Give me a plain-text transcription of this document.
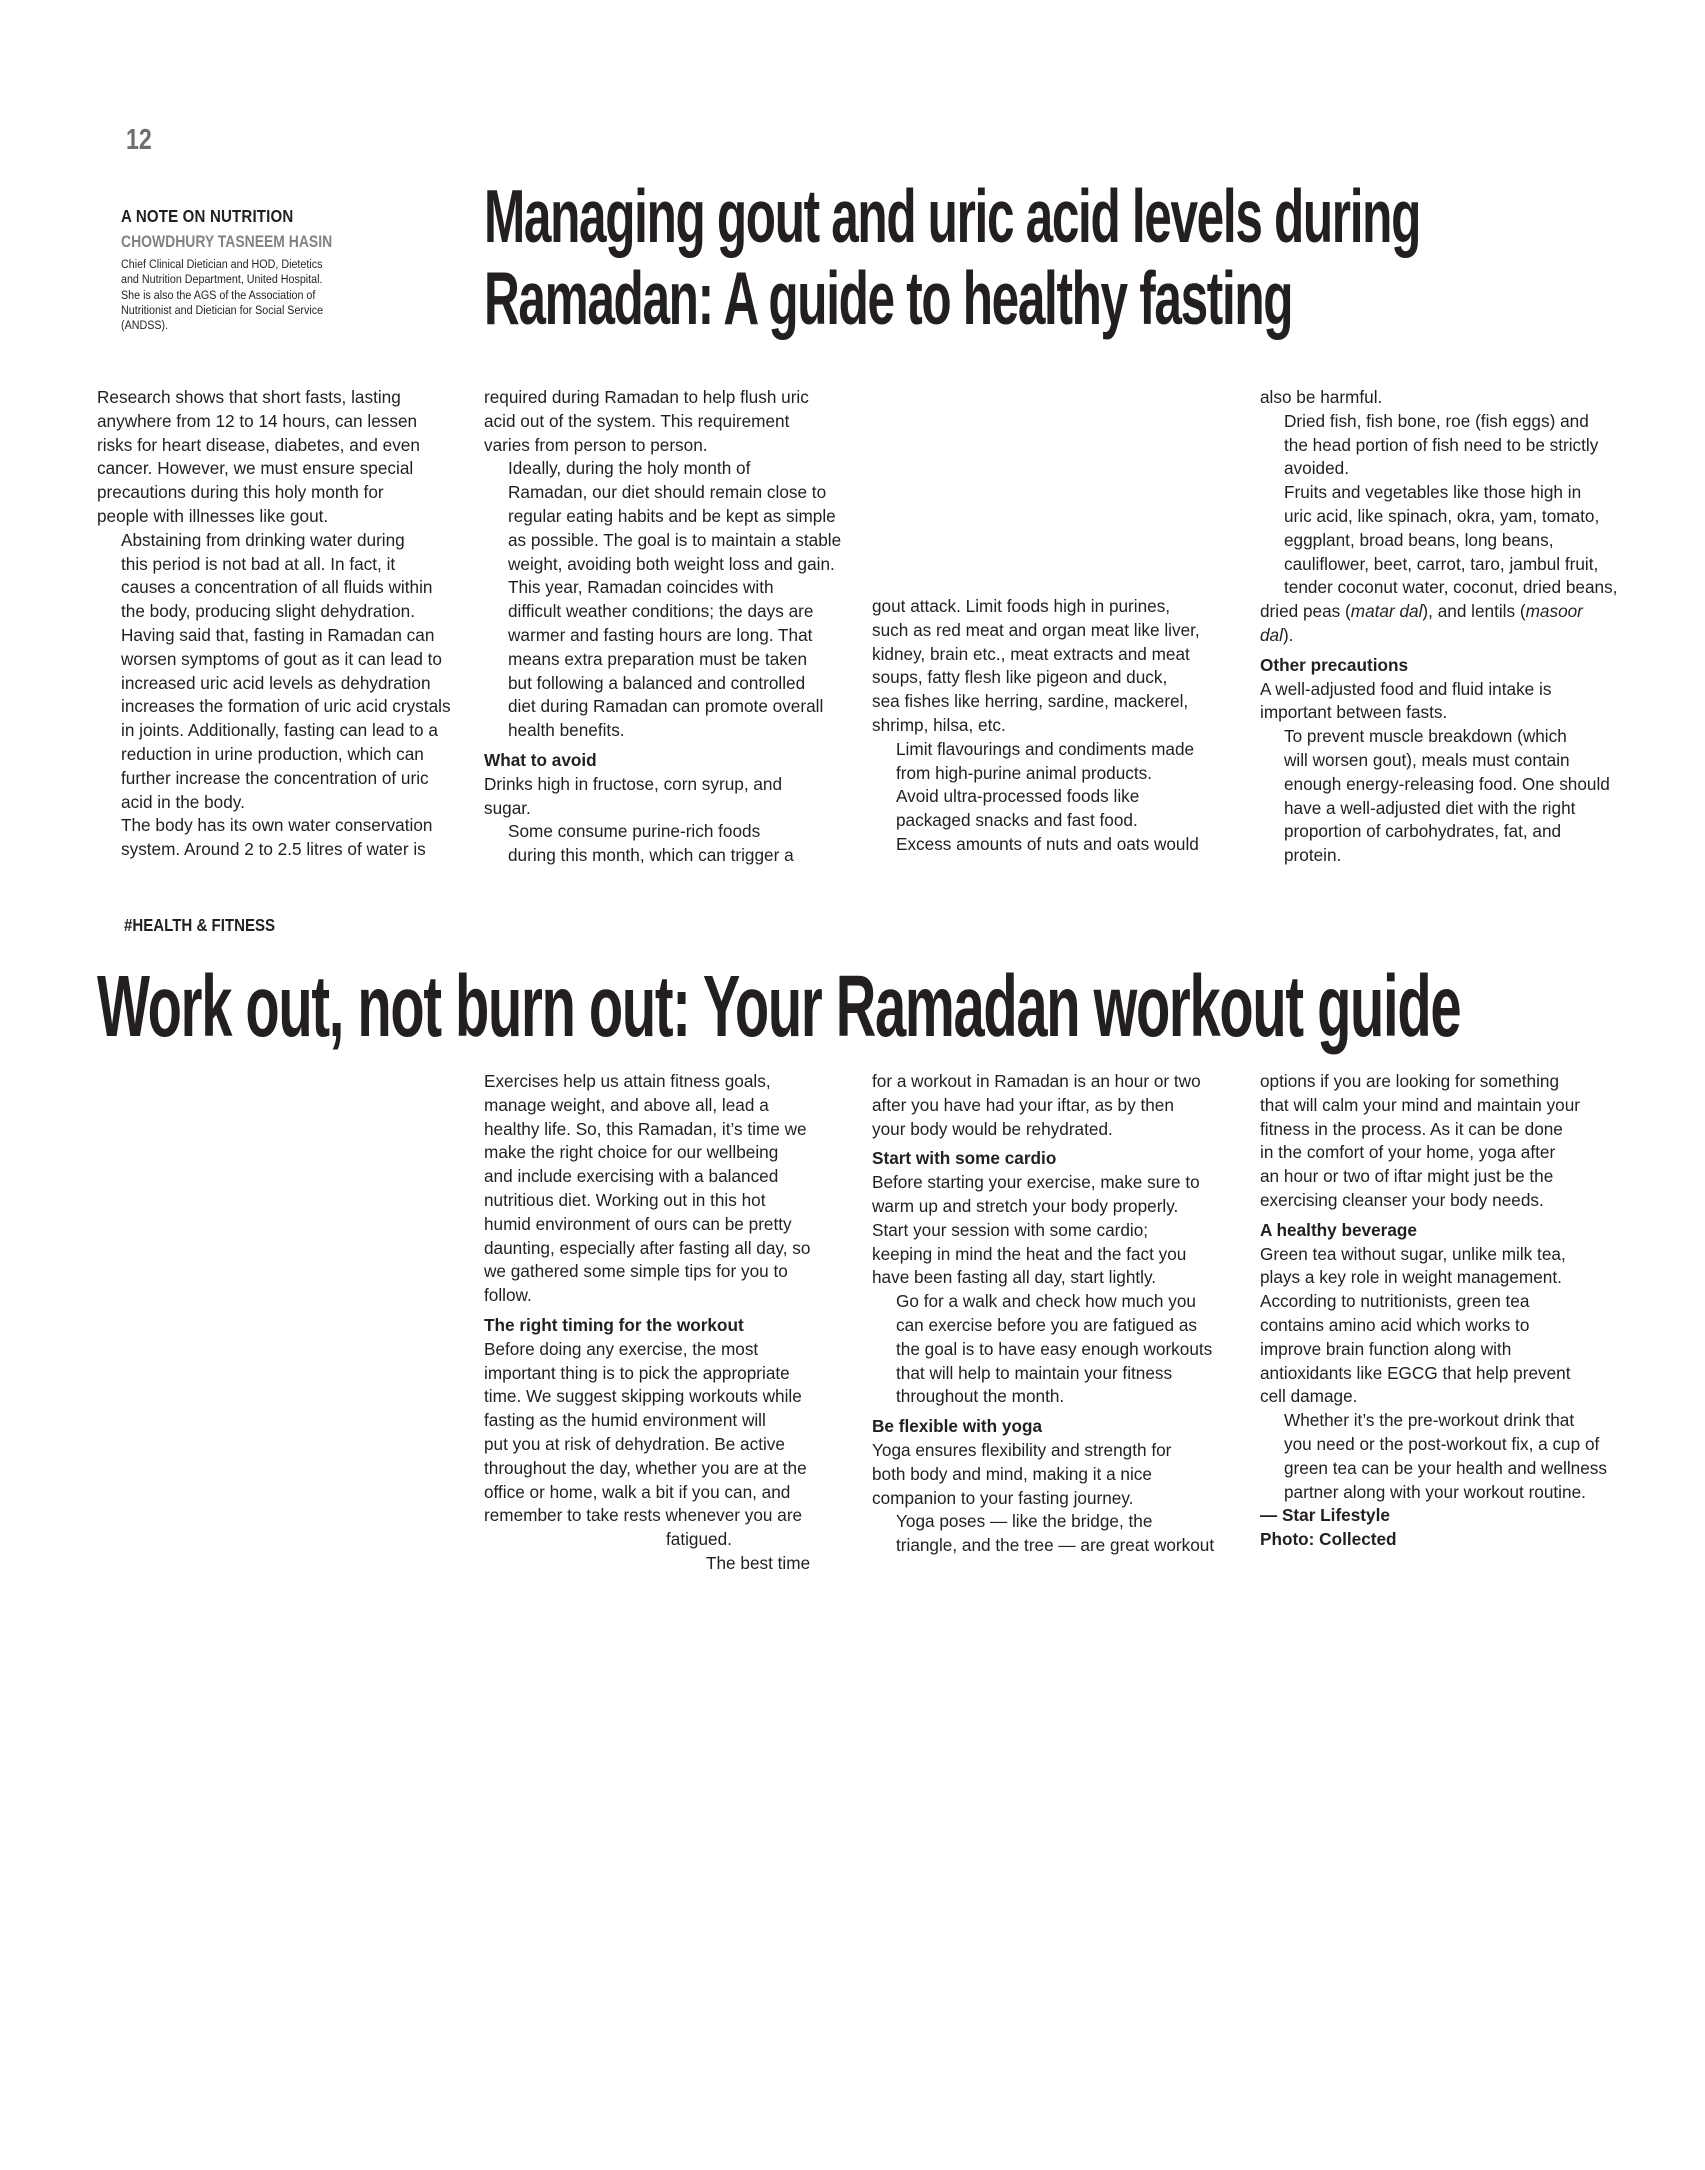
12
A NOTE ON NUTRITION
CHOWDHURY TASNEEM HASIN
Chief Clinical Dietician and HOD, Dietetics
and Nutrition Department, United Hospital.
She is also the AGS of the Association of
Nutritionist and Dietician for Social Service
(ANDSS).
Managing gout and uric acid levels during
Ramadan: A guide to healthy fasting

Research shows that short fasts, lasting
anywhere from 12 to 14 hours, can lessen
risks for heart disease, diabetes, and even
cancer. However, we must ensure special
precautions during this holy month for
people with illnesses like gout.

Abstaining from drinking water during
this period is not bad at all. In fact, it
causes a concentration of all fluids within
the body, producing slight dehydration.
Having said that, fasting in Ramadan can
worsen symptoms of gout as it can lead to
increased uric acid levels as dehydration
increases the formation of uric acid crystals
in joints. Additionally, fasting can lead to a
reduction in urine production, which can
further increase the concentration of uric
acid in the body.

The body has its own water conservation
system. Around 2 to 2.5 litres of water is

required during Ramadan to help flush uric
acid out of the system. This requirement
varies from person to person.

Ideally, during the holy month of
Ramadan, our diet should remain close to
regular eating habits and be kept as simple
as possible. The goal is to maintain a stable
weight, avoiding both weight loss and gain.

This year, Ramadan coincides with
difficult weather conditions; the days are
warmer and fasting hours are long. That
means extra preparation must be taken
but following a balanced and controlled
diet during Ramadan can promote overall
health benefits.

What to avoid

Drinks high in fructose, corn syrup, and
sugar.

Some consume purine-rich foods
during this month, which can trigger a

gout attack. Limit foods high in purines,
such as red meat and organ meat like liver,
kidney, brain etc., meat extracts and meat
soups, fatty flesh like pigeon and duck,
sea fishes like herring, sardine, mackerel,
shrimp, hilsa, etc.

Limit flavourings and condiments made
from high-purine animal products.

Avoid ultra-processed foods like
packaged snacks and fast food.

Excess amounts of nuts and oats would

also be harmful.

Dried fish, fish bone, roe (fish eggs) and
the head portion of fish need to be strictly
avoided.

Fruits and vegetables like those high in
uric acid, like spinach, okra, yam, tomato,
eggplant, broad beans, long beans,
cauliflower, beet, carrot, taro, jambul fruit,
tender coconut water, coconut, dried beans,
dried peas (matar dal), and lentils (masoor
dal).

Other precautions

A well-adjusted food and fluid intake is
important between fasts.

To prevent muscle breakdown (which
will worsen gout), meals must contain
enough energy-releasing food. One should
have a well-adjusted diet with the right
proportion of carbohydrates, fat, and
protein.

#HEALTH & FITNESS
Work out, not burn out: Your Ramadan workout guide

Exercises help us attain fitness goals,
manage weight, and above all, lead a
healthy life. So, this Ramadan, it’s time we
make the right choice for our wellbeing
and include exercising with a balanced
nutritious diet. Working out in this hot
humid environment of ours can be pretty
daunting, especially after fasting all day, so
we gathered some simple tips for you to
follow.

The right timing for the workout

Before doing any exercise, the most
important thing is to pick the appropriate
time. We suggest skipping workouts while
fasting as the humid environment will
put you at risk of dehydration. Be active
throughout the day, whether you are at the
office or home, walk a bit if you can, and
remember to take rests whenever you are

fatigued.

The best time

for a workout in Ramadan is an hour or two
after you have had your iftar, as by then
your body would be rehydrated.

Start with some cardio

Before starting your exercise, make sure to
warm up and stretch your body properly.
Start your session with some cardio;
keeping in mind the heat and the fact you
have been fasting all day, start lightly.

Go for a walk and check how much you
can exercise before you are fatigued as
the goal is to have easy enough workouts
that will help to maintain your fitness
throughout the month.

Be flexible with yoga

Yoga ensures flexibility and strength for
both body and mind, making it a nice
companion to your fasting journey.

Yoga poses — like the bridge, the
triangle, and the tree — are great workout

options if you are looking for something
that will calm your mind and maintain your
fitness in the process. As it can be done
in the comfort of your home, yoga after
an hour or two of iftar might just be the
exercising cleanser your body needs.

A healthy beverage

Green tea without sugar, unlike milk tea,
plays a key role in weight management.
According to nutritionists, green tea
contains amino acid which works to
improve brain function along with
antioxidants like EGCG that help prevent
cell damage.

Whether it’s the pre-workout drink that
you need or the post-workout fix, a cup of
green tea can be your health and wellness
partner along with your workout routine.

— Star Lifestyle

Photo: Collected
